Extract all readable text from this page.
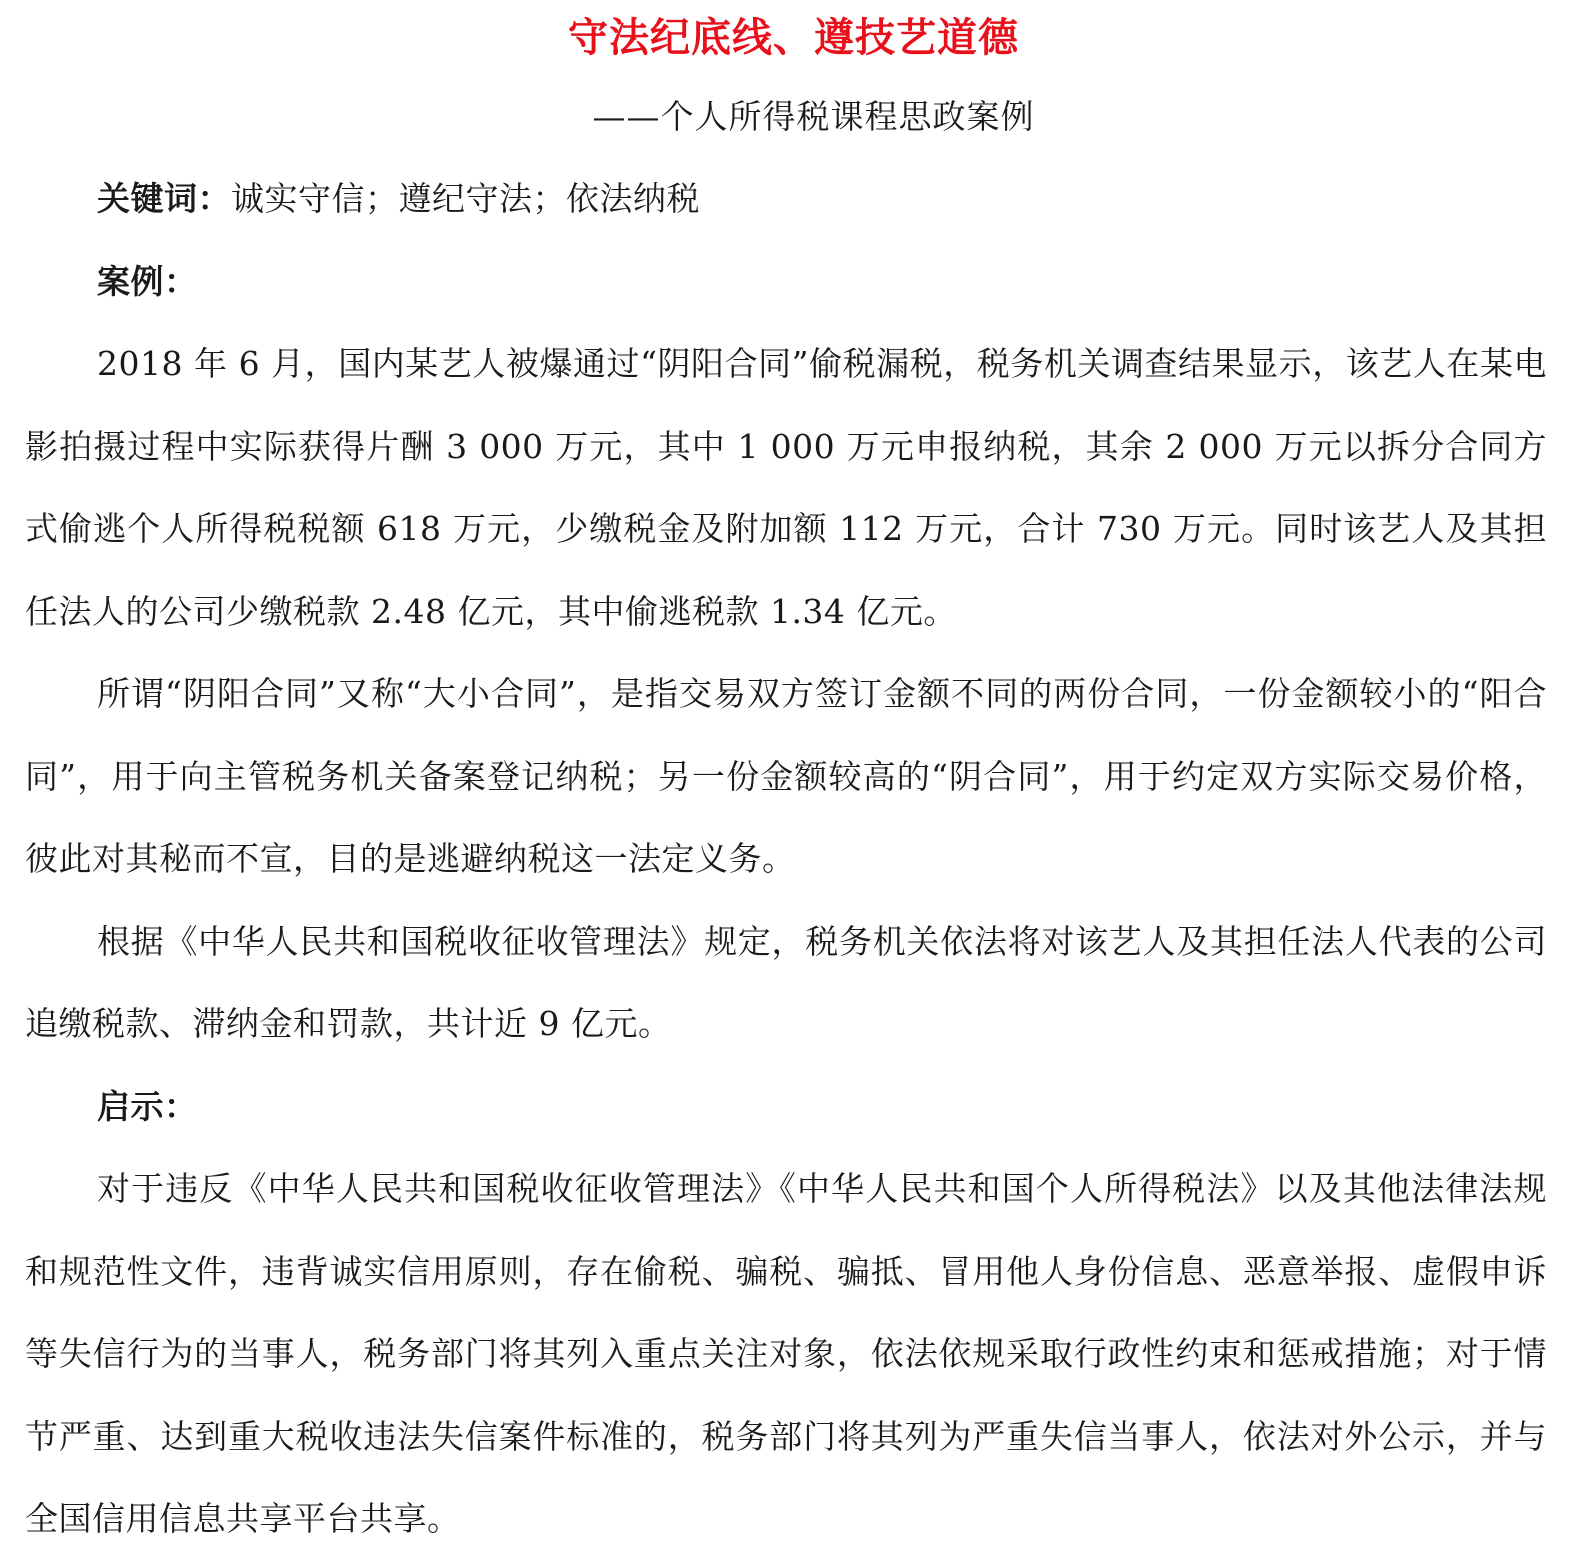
守法纪底线、遵技艺道德
——个人所得税课程思政案例

关键词：诚实守信；遵纪守法；依法纳税

案例：

2018 年 6 月，国内某艺人被爆通过“阴阳合同”偷税漏税，税务机关调查结果显示，该艺人在某电影拍摄过程中实际获得片酬 3 000 万元，其中 1 000 万元申报纳税，其余 2 000 万元以拆分合同方式偷逃个人所得税税额 618 万元，少缴税金及附加额 112 万元，合计 730 万元。同时该艺人及其担任法人的公司少缴税款 2.48 亿元，其中偷逃税款 1.34 亿元。

所谓“阴阳合同”又称“大小合同”，是指交易双方签订金额不同的两份合同，一份金额较小的“阳合同”，用于向主管税务机关备案登记纳税；另一份金额较高的“阴合同”，用于约定双方实际交易价格，彼此对其秘而不宣，目的是逃避纳税这一法定义务。

根据《中华人民共和国税收征收管理法》规定，税务机关依法将对该艺人及其担任法人代表的公司追缴税款、滞纳金和罚款，共计近 9 亿元。

启示：

对于违反《中华人民共和国税收征收管理法》《中华人民共和国个人所得税法》以及其他法律法规和规范性文件，违背诚实信用原则，存在偷税、骗税、骗抵、冒用他人身份信息、恶意举报、虚假申诉等失信行为的当事人，税务部门将其列入重点关注对象，依法依规采取行政性约束和惩戒措施；对于情节严重、达到重大税收违法失信案件标准的，税务部门将其列为严重失信当事人，依法对外公示，并与全国信用信息共享平台共享。
